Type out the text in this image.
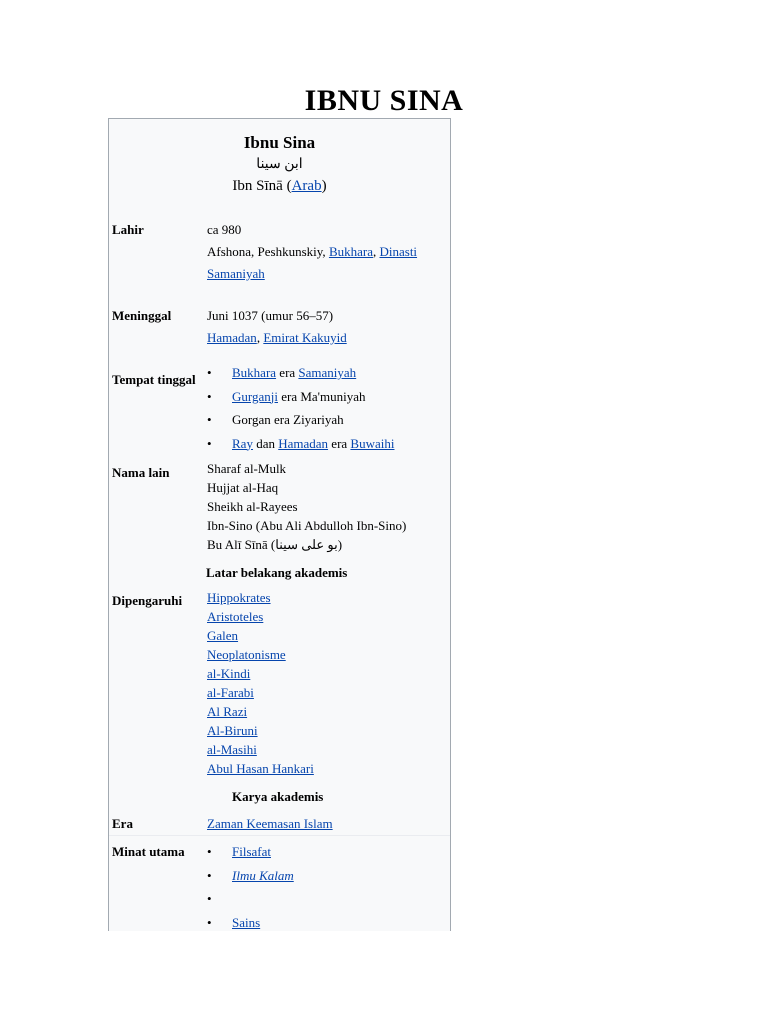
IBNU SINA
Ibnu Sina
ابن سينا
Ibn Sīnā (Arab)
Lahir	ca 980
Afshona, Peshkunskiy, Bukhara, Dinasti Samaniyah
Meninggal	Juni 1037 (umur 56–57)
Hamadan, Emirat Kakuyid
Tempat tinggal	• Bukhara era Samaniyah
• Gurganji era Ma'muniyah
• Gorgan era Ziyariyah
• Ray dan Hamadan era Buwaihi
Nama lain	Sharaf al-Mulk
Hujjat al-Haq
Sheikh al-Rayees
Ibn-Sino (Abu Ali Abdulloh Ibn-Sino)
Bu Alī Sīnā (بو علی سینا)
Latar belakang akademis
Dipengaruhi Hippokrates
Aristoteles
Galen
Neoplatonisme
al-Kindi
al-Farabi
Al Razi
Al-Biruni
al-Masihi
Abul Hasan Hankari
Karya akademis
Era	Zaman Keemasan Islam
Minat utama	• Filsafat
• Ilmu Kalam
•
• Sains
